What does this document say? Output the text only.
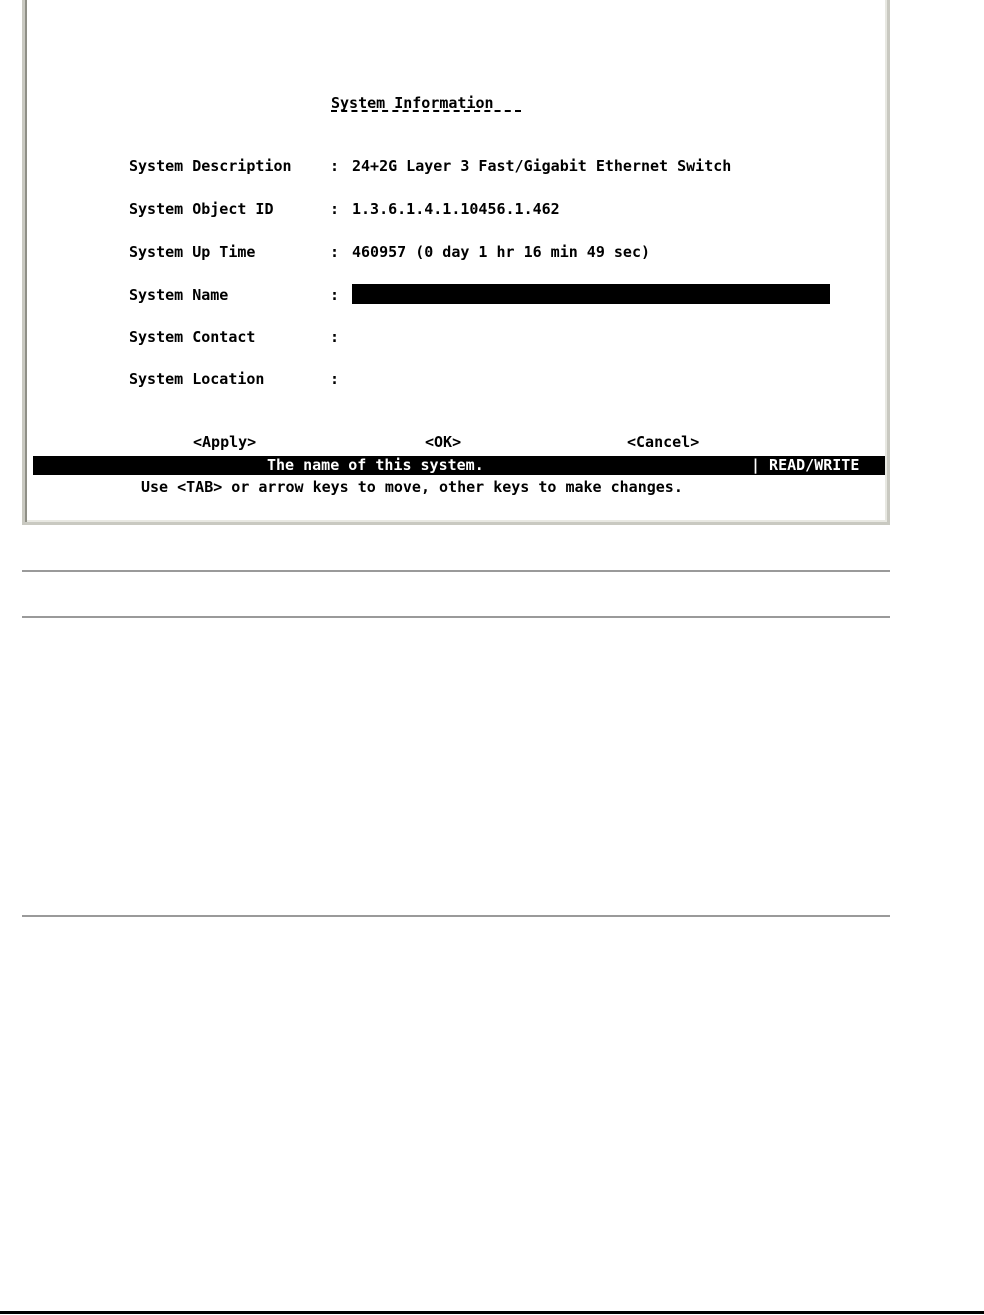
System Information
System Description	: 24+2G Layer 3 Fast/Gigabit Ethernet Switch
System Object ID	: 1.3.6.1.4.1.10456.1.462
System Up Time	: 460957 (0 day 1 hr 16 min 49 sec)
System Name	:
System Contact	:
System Location	:
<Apply>	<OK>	<Cancel>
The name of this system.	| READ/WRITE
Use <TAB> or arrow keys to move, other keys to make changes.
